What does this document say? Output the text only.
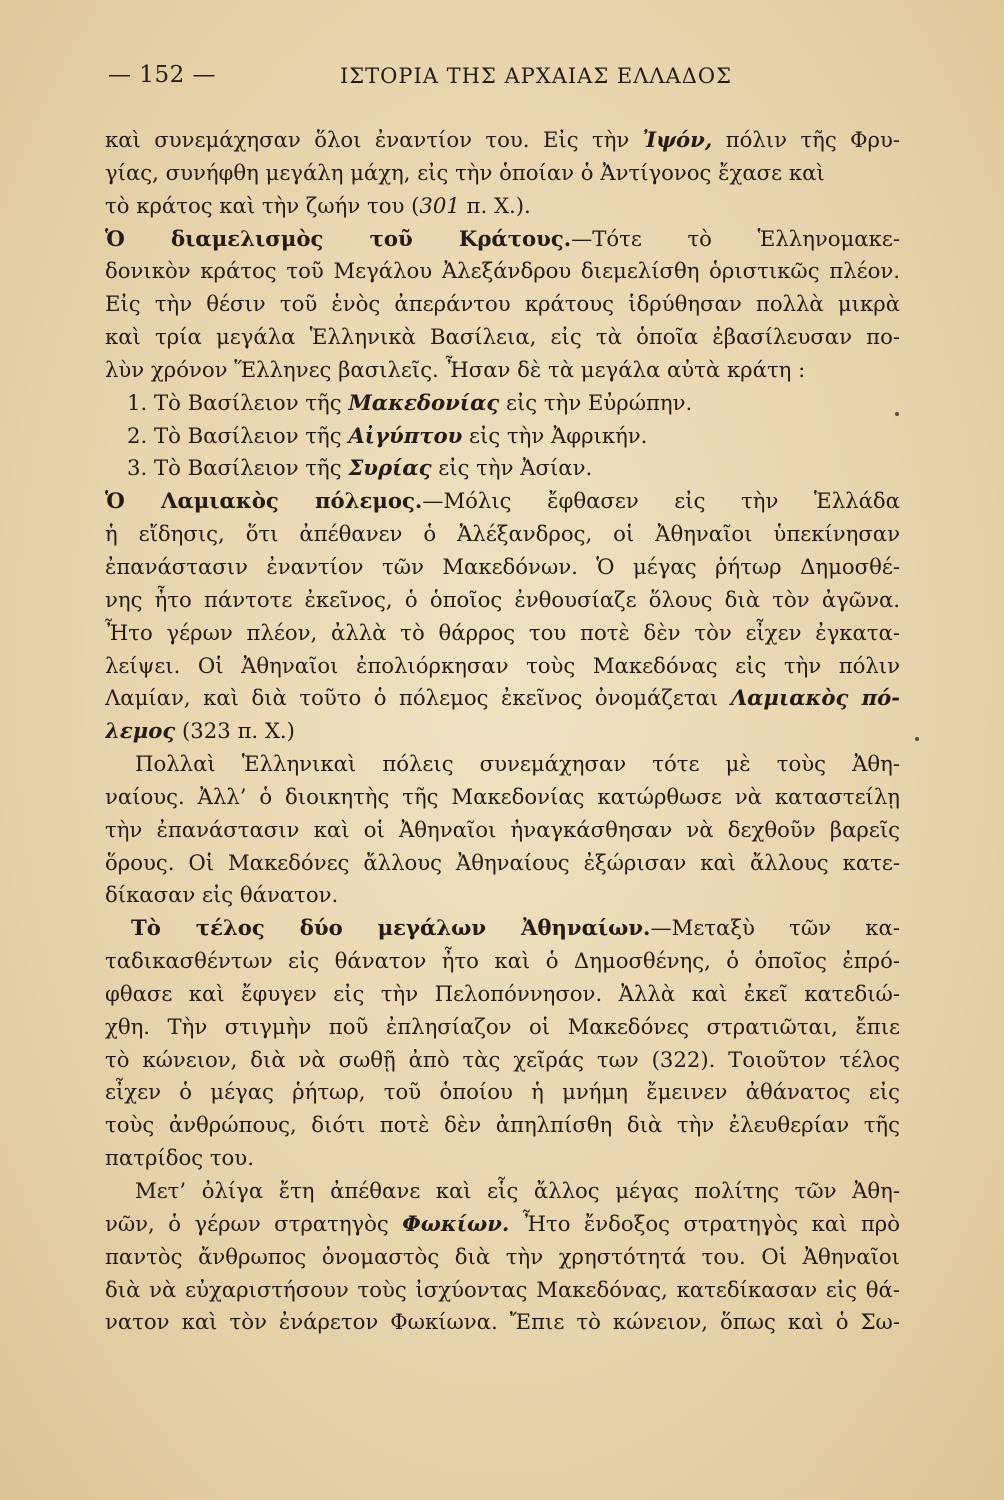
— 152 —	ΙΣΤΟΡΙΑ ΤΗΣ ΑΡΧΑΙΑΣ ΕΛΛΑΔΟΣ
καὶ συνεμάχησαν ὅλοι ἐναντίον του. Εἰς τὴν Ἰψόν, πόλιν τῆς Φρυ-
γίας, συνήφθη μεγάλη μάχη, εἰς τὴν ὁποίαν ὁ Ἀντίγονος ἔχασε καὶ
τὸ κράτος καὶ τὴν ζωήν του (301 π. Χ.).
Ὁ διαμελισμὸς τοῦ Κράτους.—Τότε τὸ Ἑλληνομακε-
δονικὸν κράτος τοῦ Μεγάλου Ἀλεξάνδρου διεμελίσθη ὁριστικῶς πλέον.
Εἰς τὴν θέσιν τοῦ ἑνὸς ἀπεράντου κράτους ἱδρύθησαν πολλὰ μικρὰ
καὶ τρία μεγάλα Ἑλληνικὰ Βασίλεια, εἰς τὰ ὁποῖα ἐβασίλευσαν πο-
λὺν χρόνον Ἕλληνες βασιλεῖς. Ἦσαν δὲ τὰ μεγάλα αὐτὰ κράτη :
1. Τὸ Βασίλειον τῆς Μακεδονίας εἰς τὴν Εὐρώπην.
2. Τὸ Βασίλειον τῆς Αἰγύπτου εἰς τὴν Ἀφρικήν.
3. Τὸ Βασίλειον τῆς Συρίας εἰς τὴν Ἀσίαν.
Ὁ Λαμιακὸς πόλεμος.—Μόλις ἔφθασεν εἰς τὴν Ἑλλάδα
ἡ εἴδησις, ὅτι ἀπέθανεν ὁ Ἀλέξανδρος, οἱ Ἀθηναῖοι ὑπεκίνησαν
ἐπανάστασιν ἐναντίον τῶν Μακεδόνων. Ὁ μέγας ῥήτωρ Δημοσθέ-
νης ἦτο πάντοτε ἐκεῖνος, ὁ ὁποῖος ἐνθουσίαζε ὅλους διὰ τὸν ἀγῶνα.
Ἦτο γέρων πλέον, ἀλλὰ τὸ θάρρος του ποτὲ δὲν τὸν εἶχεν ἐγκατα-
λείψει. Οἱ Ἀθηναῖοι ἐπολιόρκησαν τοὺς Μακεδόνας εἰς τὴν πόλιν
Λαμίαν, καὶ διὰ τοῦτο ὁ πόλεμος ἐκεῖνος ὀνομάζεται Λαμιακὸς πό-
λεμος (323 π. Χ.)
Πολλαὶ Ἑλληνικαὶ πόλεις συνεμάχησαν τότε μὲ τοὺς Ἀθη-
ναίους. Ἀλλ’ ὁ διοικητὴς τῆς Μακεδονίας κατώρθωσε νὰ καταστείλῃ
τὴν ἐπανάστασιν καὶ οἱ Ἀθηναῖοι ἠναγκάσθησαν νὰ δεχθοῦν βαρεῖς
ὅρους. Οἱ Μακεδόνες ἄλλους Ἀθηναίους ἐξώρισαν καὶ ἄλλους κατε-
δίκασαν εἰς θάνατον.
Τὸ τέλος δύο μεγάλων Ἀθηναίων.—Μεταξὺ τῶν κα-
ταδικασθέντων εἰς θάνατον ἦτο καὶ ὁ Δημοσθένης, ὁ ὁποῖος ἐπρό-
φθασε καὶ ἔφυγεν εἰς τὴν Πελοπόννησον. Ἀλλὰ καὶ ἐκεῖ κατεδιώ-
χθη. Τὴν στιγμὴν ποῦ ἐπλησίαζον οἱ Μακεδόνες στρατιῶται, ἔπιε
τὸ κώνειον, διὰ νὰ σωθῇ ἀπὸ τὰς χεῖράς των (322). Τοιοῦτον τέλος
εἶχεν ὁ μέγας ῥήτωρ, τοῦ ὁποίου ἡ μνήμη ἔμεινεν ἀθάνατος εἰς
τοὺς ἀνθρώπους, διότι ποτὲ δὲν ἀπηλπίσθη διὰ τὴν ἐλευθερίαν τῆς
πατρίδος του.
Μετ’ ὀλίγα ἔτη ἀπέθανε καὶ εἷς ἄλλος μέγας πολίτης τῶν Ἀθη-
νῶν, ὁ γέρων στρατηγὸς Φωκίων. Ἦτο ἔνδοξος στρατηγὸς καὶ πρὸ
παντὸς ἄνθρωπος ὀνομαστὸς διὰ τὴν χρηστότητά του. Οἱ Ἀθηναῖοι
διὰ νὰ εὐχαριστήσουν τοὺς ἰσχύοντας Μακεδόνας, κατεδίκασαν εἰς θά-
νατον καὶ τὸν ἐνάρετον Φωκίωνα. Ἔπιε τὸ κώνειον, ὅπως καὶ ὁ Σω-
